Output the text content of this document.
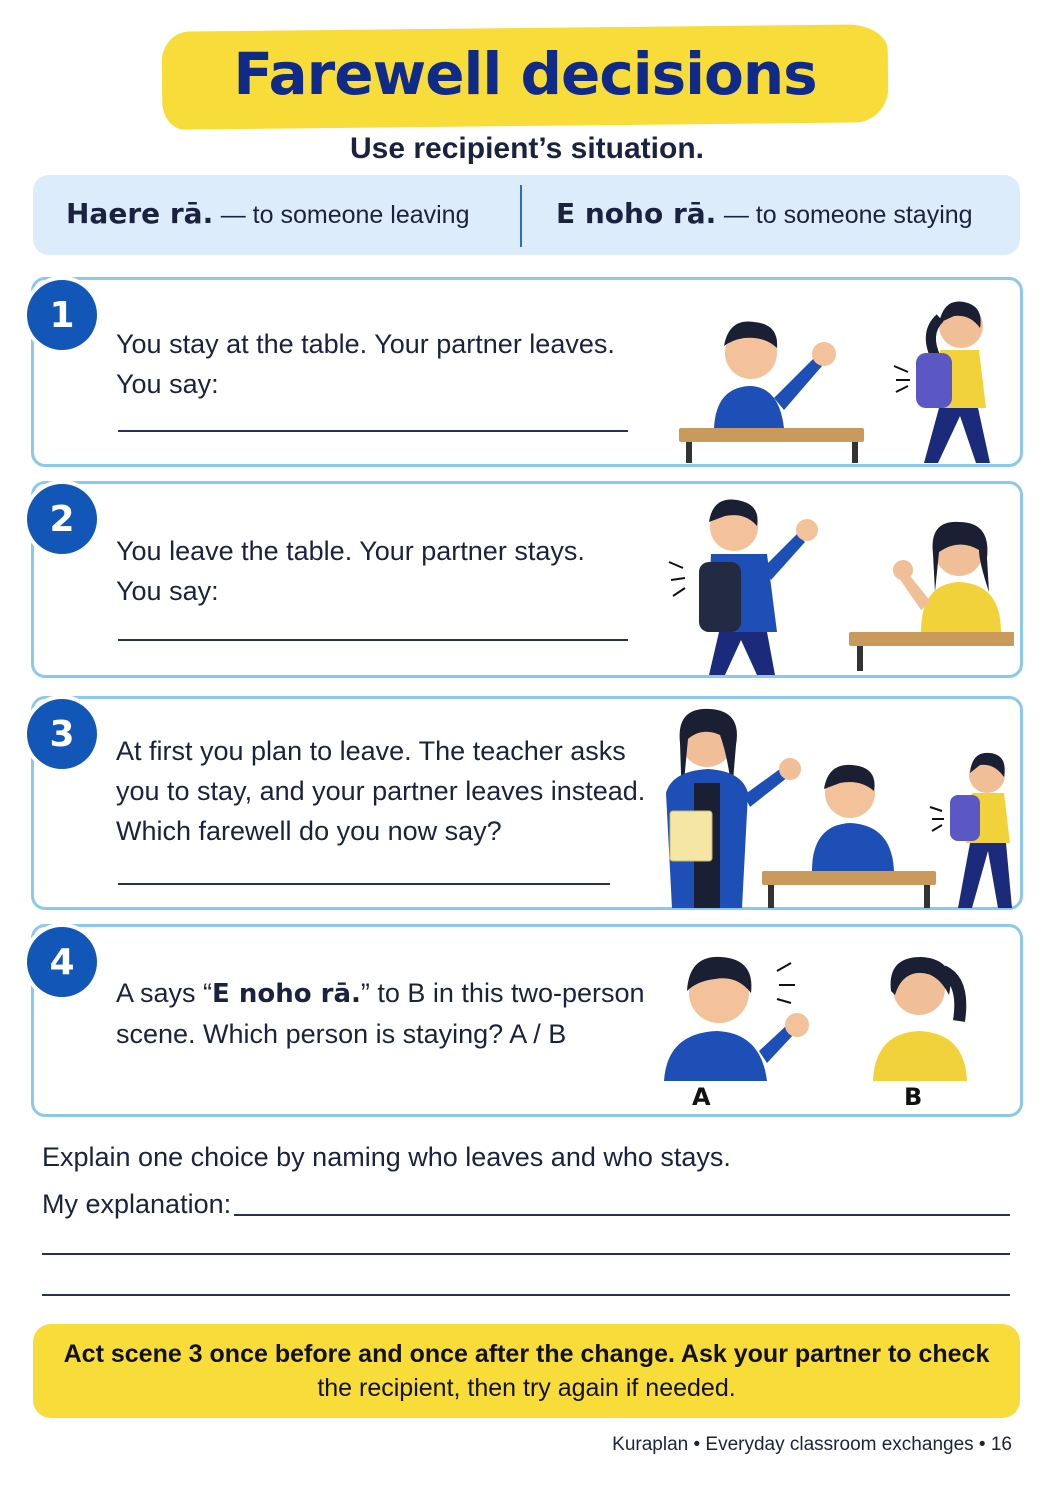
Farewell decisions
Use recipient’s situation.
Haere rā. — to someone leaving	E noho rā. — to someone staying
1
You stay at the table. Your partner leaves.
You say:
2
You leave the table. Your partner stays.
You say:
3	At first you plan to leave. The teacher asks
you to stay, and your partner leaves instead.
Which farewell do you now say?
4
A says “E noho rā.” to B in this two-person
scene. Which person is staying? A / B
A	B
Explain one choice by naming who leaves and who stays.
My explanation:
Act scene 3 once before and once after the change. Ask your partner to check
the recipient, then try again if needed.
Kuraplan • Everyday classroom exchanges • 16
